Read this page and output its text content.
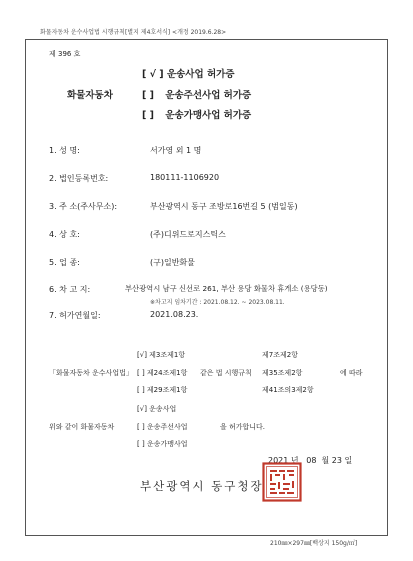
화물자동차 운수사업법 시행규칙[별지 제4호서식] <개정 2019.6.28>
제 396 호
화물자동차
[ √ ] 운송사업 허가증
[ ] 운송주선사업 허가증
[ ] 운송가맹사업 허가증
1. 성 명:	서가영 외 1 명
2. 법인등록번호:	180111-1106920
3. 주 소(주사무소):	부산광역시 동구 조방로16번길 5 (범일동)
4. 상 호:	(주)디위드로지스틱스
5. 업 종:	(구)일반화물
6. 차 고 지:	부산광역시 남구 신선로 261, 부산 용당 화물차 휴게소 (용당동)
※차고지 임차기간 : 2021.08.12. ~ 2023.08.11.
7. 허가연월일:	2021.08.23.
「화물자동차 운수사업법」
[√] 제3조제1항
[ ] 제24조제1항
[ ] 제29조제1항
같은 법 시행규칙
제7조제2항
제35조제2항
제41조의3제2항
에 따라
위와 같이 화물자동차
[√] 운송사업
[ ] 운송주선사업
[ ] 운송가맹사업
을 허가합니다.
2021 년   08  월 23 일
부산광역시 동구청장
210㎜×297㎜[백상지 150g/㎡]
